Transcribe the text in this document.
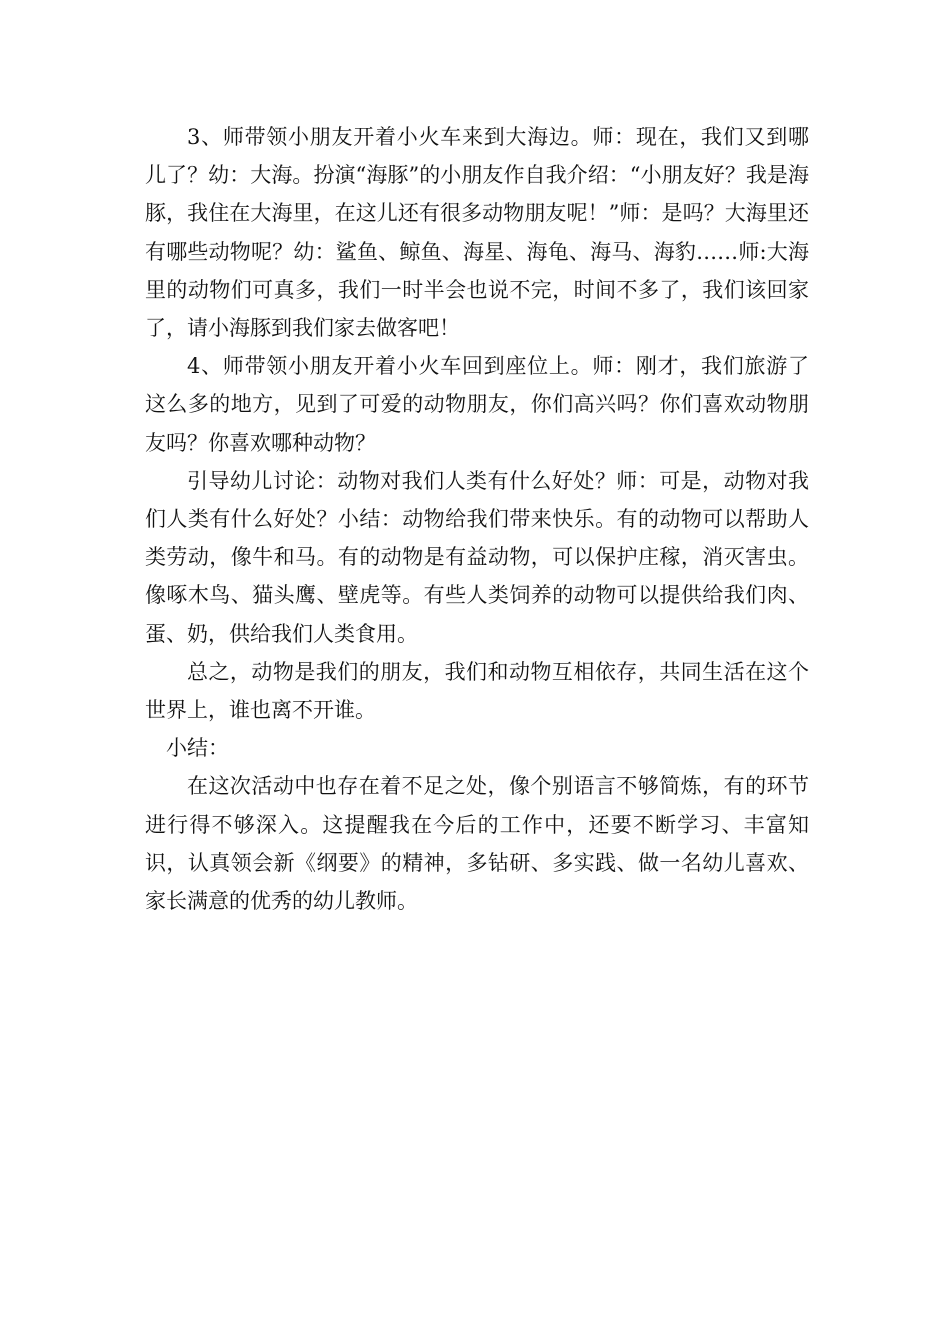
3、师带领小朋友开着小火车来到大海边。师：现在，我们又到哪儿了？幼：大海。扮演“海豚”的小朋友作自我介绍：“小朋友好？我是海豚，我住在大海里，在这儿还有很多动物朋友呢！”师：是吗？大海里还有哪些动物呢？幼：鲨鱼、鲸鱼、海星、海龟、海马、海豹……师:大海里的动物们可真多，我们一时半会也说不完，时间不多了，我们该回家了，请小海豚到我们家去做客吧！

4、师带领小朋友开着小火车回到座位上。师：刚才，我们旅游了这么多的地方，见到了可爱的动物朋友，你们高兴吗？你们喜欢动物朋友吗？你喜欢哪种动物？

引导幼儿讨论：动物对我们人类有什么好处？师：可是，动物对我们人类有什么好处？小结：动物给我们带来快乐。有的动物可以帮助人类劳动，像牛和马。有的动物是有益动物，可以保护庄稼，消灭害虫。像啄木鸟、猫头鹰、壁虎等。有些人类饲养的动物可以提供给我们肉、蛋、奶，供给我们人类食用。

总之，动物是我们的朋友，我们和动物互相依存，共同生活在这个世界上，谁也离不开谁。

小结：

在这次活动中也存在着不足之处，像个别语言不够简炼，有的环节进行得不够深入。这提醒我在今后的工作中，还要不断学习、丰富知识，认真领会新《纲要》的精神，多钻研、多实践、做一名幼儿喜欢、家长满意的优秀的幼儿教师。
